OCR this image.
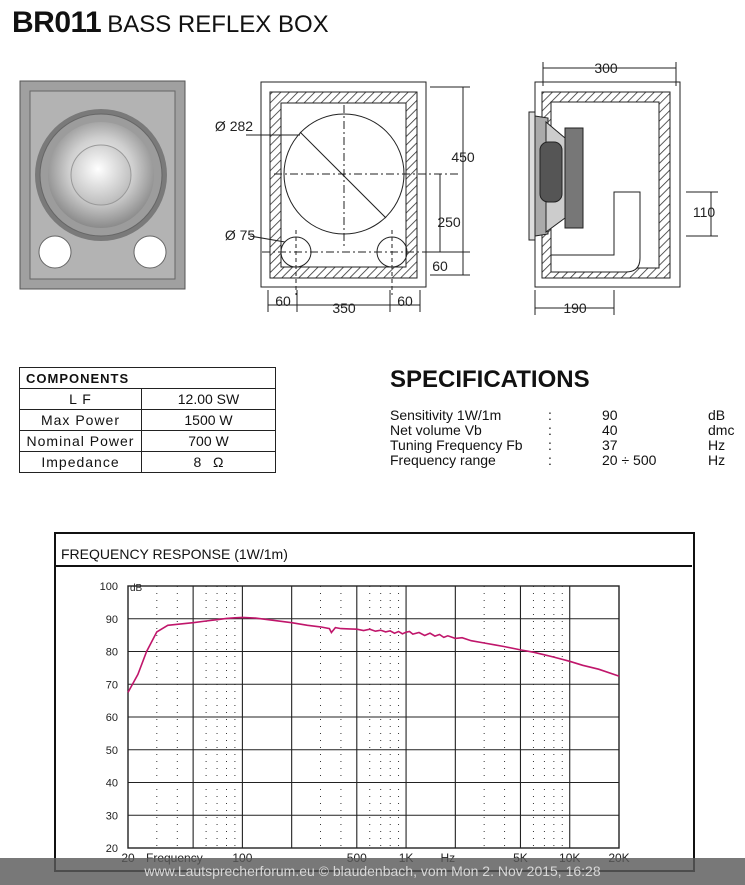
BR011 BASS REFLEX BOX
Ø 282
Ø 75
450
250
60
350
60	60
300
110
190
COMPONENTS	
L F	12.00 SW
Max Power	1500 W
Nominal Power	700 W
Impedance	8   Ω
SPECIFICATIONS
Sensitivity 1W/1m	:	90	dB
Net volume Vb	:	40	dmc
Tuning Frequency Fb :	37	Hz
Frequency range	:	20 ÷ 500	Hz
FREQUENCY RESPONSE (1W/1m)
20
30
40
50
60
70
80
90
100 dB
www.Lautsprecherforum.eu © blaudenbach, vom Mon 2. Nov 2015, 16:28
